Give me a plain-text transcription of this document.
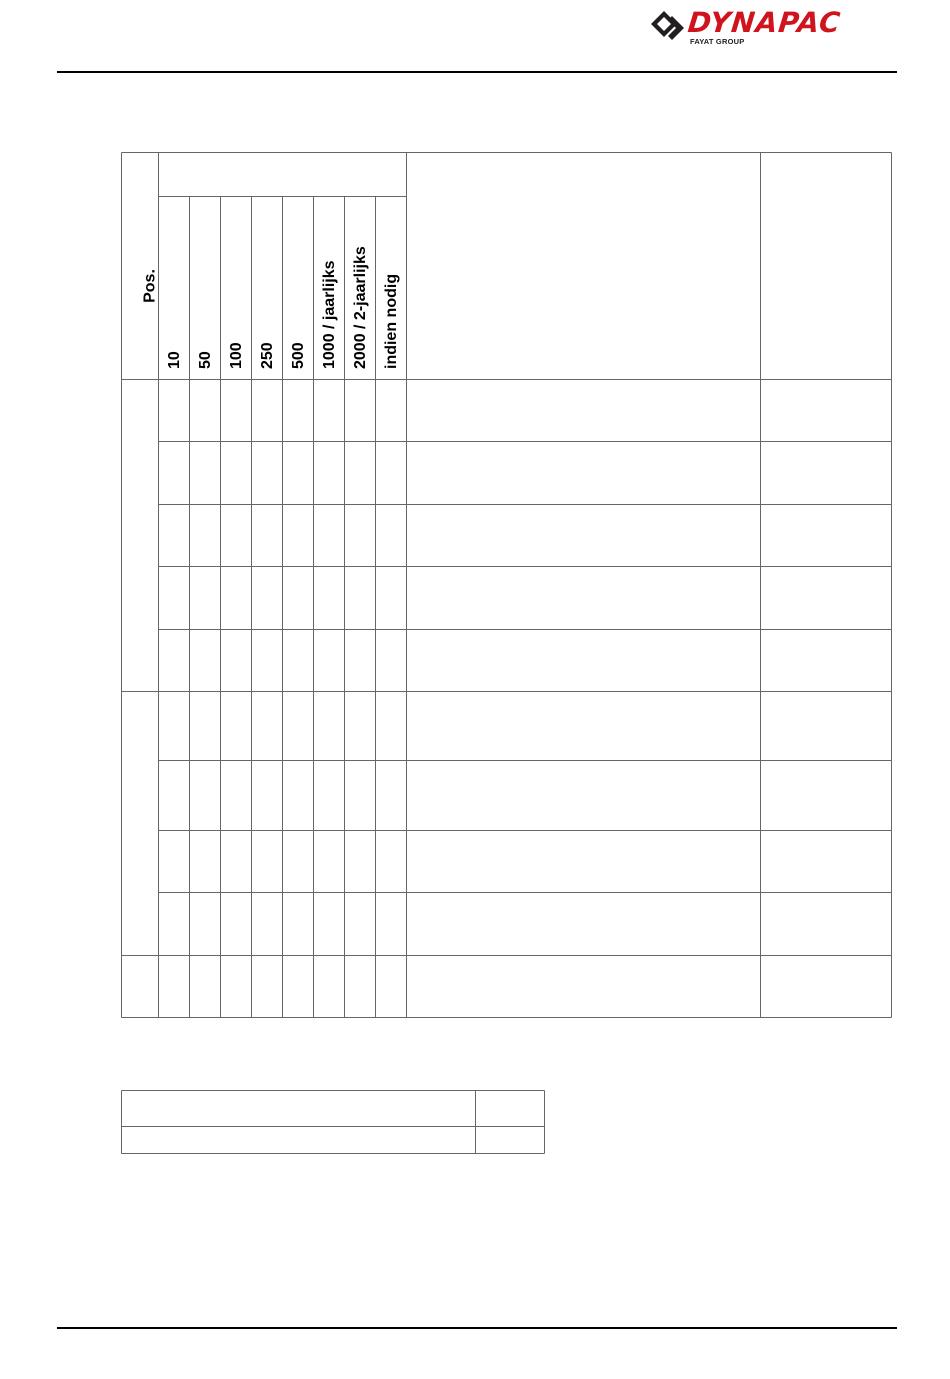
DYNAPAC
FAYAT GROUP
Pos.
10 50 100 250 500 1000 / jaarlijks 2000 / 2-jaarlijks indien nodig
